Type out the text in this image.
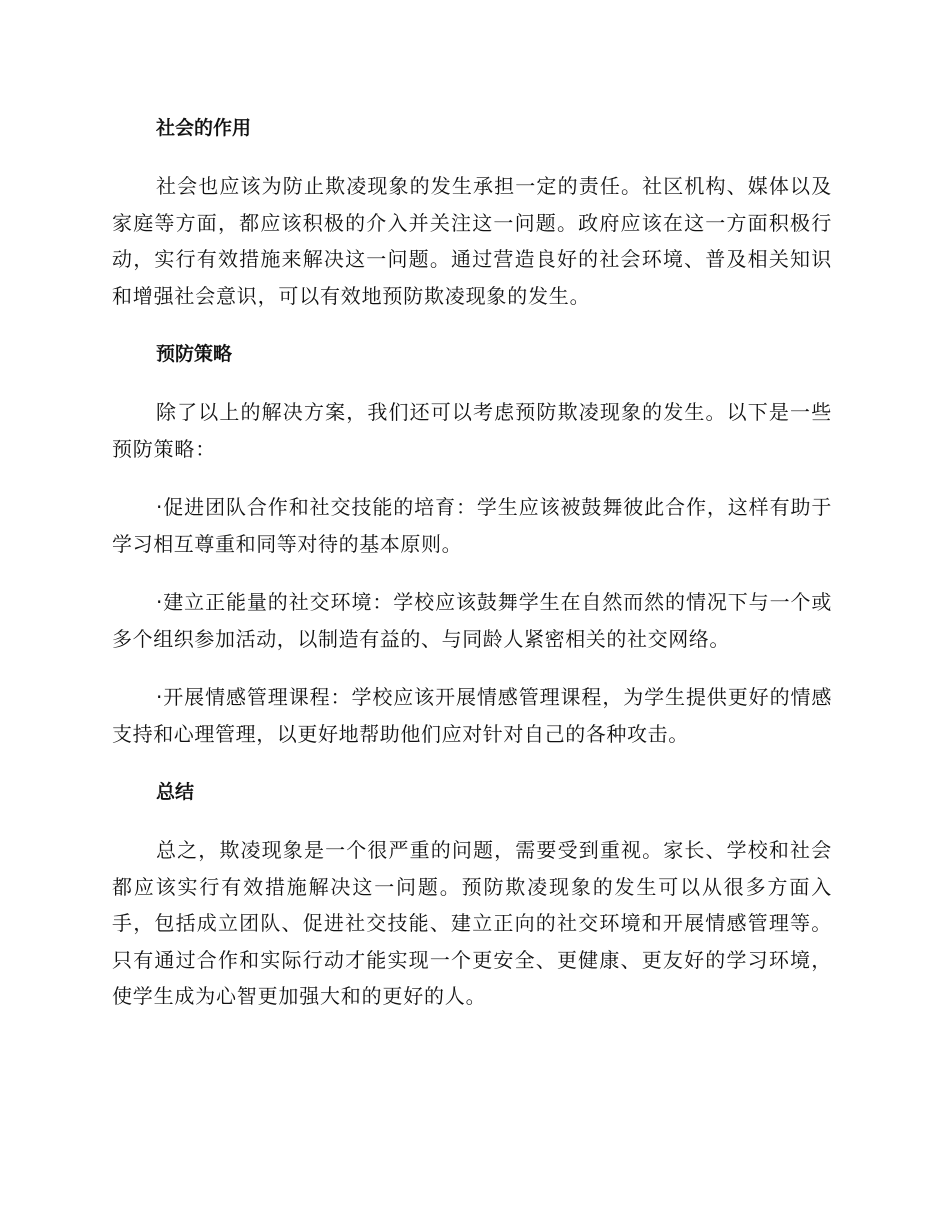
社会的作用

社会也应该为防止欺凌现象的发生承担一定的责任。社区机构、媒体以及家庭等方面，都应该积极的介入并关注这一问题。政府应该在这一方面积极行动，实行有效措施来解决这一问题。通过营造良好的社会环境、普及相关知识和增强社会意识，可以有效地预防欺凌现象的发生。

预防策略

除了以上的解决方案，我们还可以考虑预防欺凌现象的发生。以下是一些预防策略：

·促进团队合作和社交技能的培育：学生应该被鼓舞彼此合作，这样有助于学习相互尊重和同等对待的基本原则。

·建立正能量的社交环境：学校应该鼓舞学生在自然而然的情况下与一个或多个组织参加活动，以制造有益的、与同龄人紧密相关的社交网络。

·开展情感管理课程：学校应该开展情感管理课程，为学生提供更好的情感支持和心理管理，以更好地帮助他们应对针对自己的各种攻击。

总结

总之，欺凌现象是一个很严重的问题，需要受到重视。家长、学校和社会都应该实行有效措施解决这一问题。预防欺凌现象的发生可以从很多方面入手，包括成立团队、促进社交技能、建立正向的社交环境和开展情感管理等。只有通过合作和实际行动才能实现一个更安全、更健康、更友好的学习环境，使学生成为心智更加强大和的更好的人。
